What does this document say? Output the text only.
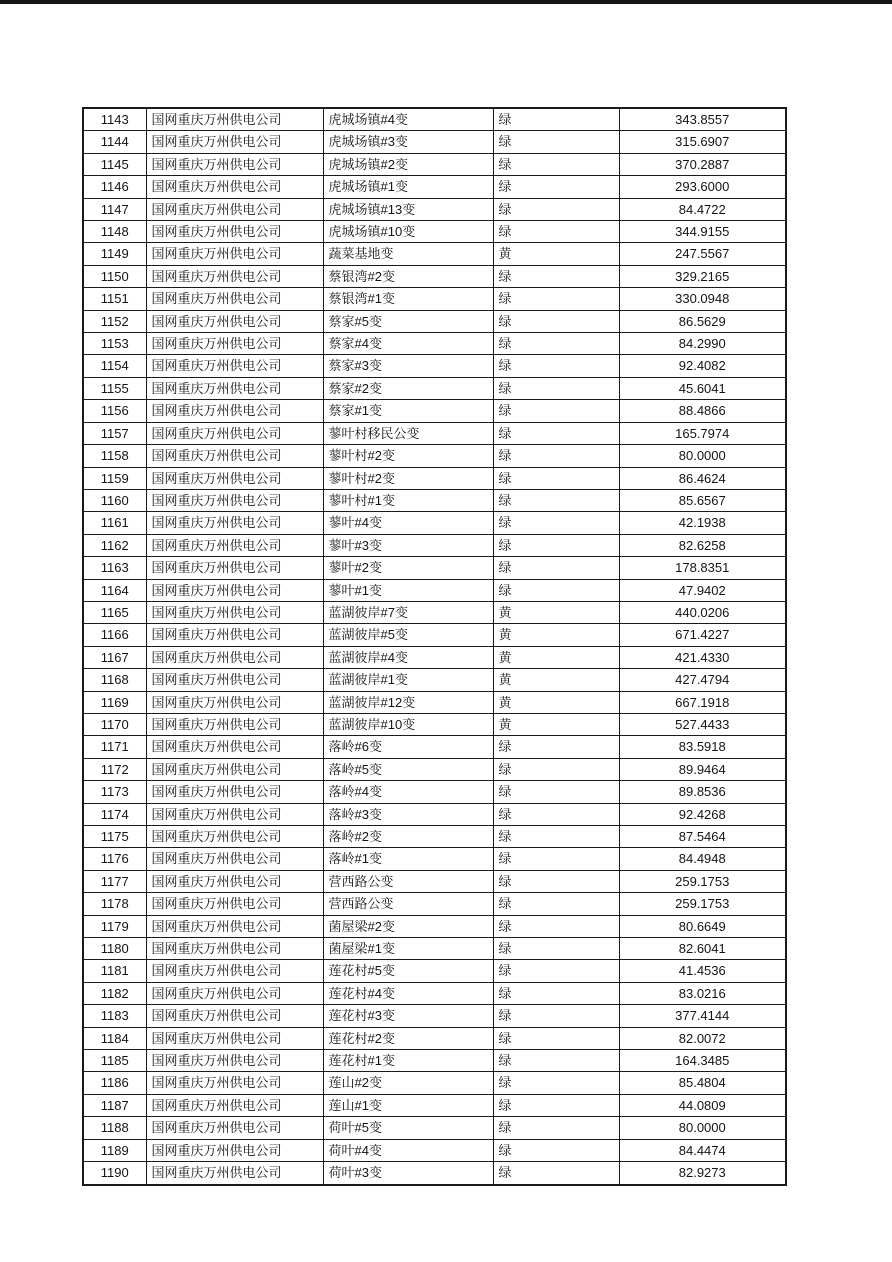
1143	国网重庆万州供电公司	虎城场镇#4变	绿	343.8557
1144	国网重庆万州供电公司	虎城场镇#3变	绿	315.6907
1145	国网重庆万州供电公司	虎城场镇#2变	绿	370.2887
1146	国网重庆万州供电公司	虎城场镇#1变	绿	293.6000
1147	国网重庆万州供电公司	虎城场镇#13变	绿	84.4722
1148	国网重庆万州供电公司	虎城场镇#10变	绿	344.9155
1149	国网重庆万州供电公司	蔬菜基地变	黄	247.5567
1150	国网重庆万州供电公司	蔡银湾#2变	绿	329.2165
1151	国网重庆万州供电公司	蔡银湾#1变	绿	330.0948
1152	国网重庆万州供电公司	蔡家#5变	绿	86.5629
1153	国网重庆万州供电公司	蔡家#4变	绿	84.2990
1154	国网重庆万州供电公司	蔡家#3变	绿	92.4082
1155	国网重庆万州供电公司	蔡家#2变	绿	45.6041
1156	国网重庆万州供电公司	蔡家#1变	绿	88.4866
1157	国网重庆万州供电公司	蓼叶村移民公变	绿	165.7974
1158	国网重庆万州供电公司	蓼叶村#2变	绿	80.0000
1159	国网重庆万州供电公司	蓼叶村#2变	绿	86.4624
1160	国网重庆万州供电公司	蓼叶村#1变	绿	85.6567
1161	国网重庆万州供电公司	蓼叶#4变	绿	42.1938
1162	国网重庆万州供电公司	蓼叶#3变	绿	82.6258
1163	国网重庆万州供电公司	蓼叶#2变	绿	178.8351
1164	国网重庆万州供电公司	蓼叶#1变	绿	47.9402
1165	国网重庆万州供电公司	蓝湖彼岸#7变	黄	440.0206
1166	国网重庆万州供电公司	蓝湖彼岸#5变	黄	671.4227
1167	国网重庆万州供电公司	蓝湖彼岸#4变	黄	421.4330
1168	国网重庆万州供电公司	蓝湖彼岸#1变	黄	427.4794
1169	国网重庆万州供电公司	蓝湖彼岸#12变	黄	667.1918
1170	国网重庆万州供电公司	蓝湖彼岸#10变	黄	527.4433
1171	国网重庆万州供电公司	落岭#6变	绿	83.5918
1172	国网重庆万州供电公司	落岭#5变	绿	89.9464
1173	国网重庆万州供电公司	落岭#4变	绿	89.8536
1174	国网重庆万州供电公司	落岭#3变	绿	92.4268
1175	国网重庆万州供电公司	落岭#2变	绿	87.5464
1176	国网重庆万州供电公司	落岭#1变	绿	84.4948
1177	国网重庆万州供电公司	营西路公变	绿	259.1753
1178	国网重庆万州供电公司	营西路公变	绿	259.1753
1179	国网重庆万州供电公司	菌屋梁#2变	绿	80.6649
1180	国网重庆万州供电公司	菌屋梁#1变	绿	82.6041
1181	国网重庆万州供电公司	莲花村#5变	绿	41.4536
1182	国网重庆万州供电公司	莲花村#4变	绿	83.0216
1183	国网重庆万州供电公司	莲花村#3变	绿	377.4144
1184	国网重庆万州供电公司	莲花村#2变	绿	82.0072
1185	国网重庆万州供电公司	莲花村#1变	绿	164.3485
1186	国网重庆万州供电公司	莲山#2变	绿	85.4804
1187	国网重庆万州供电公司	莲山#1变	绿	44.0809
1188	国网重庆万州供电公司	荷叶#5变	绿	80.0000
1189	国网重庆万州供电公司	荷叶#4变	绿	84.4474
1190	国网重庆万州供电公司	荷叶#3变	绿	82.9273
